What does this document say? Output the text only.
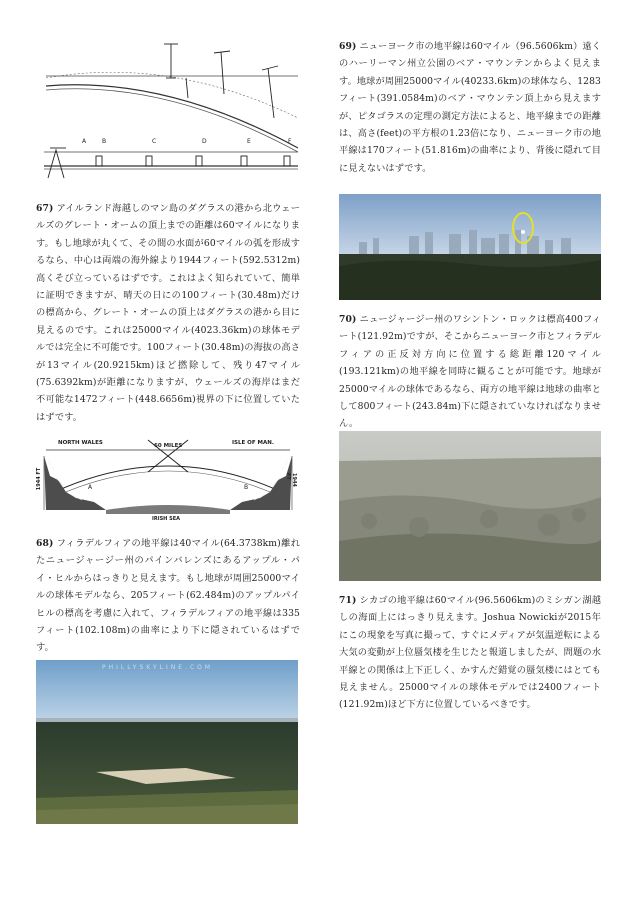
A	B	C	D	E	F
67) アイルランド海越しのマン島のダグラスの港から北ウェールズのグレート・オームの頂上までの距離は60マイルになります。もし地球が丸くて、その間の水面が60マイルの弧を形成するなら、中心は両端の海外線より1944フィート(592.5312m)高くそび立っているはずです。これはよく知られていて、簡単に証明できますが、晴天の日にの100フィート(30.48m)だけの標高から、グレート・オームの頂上はダグラスの港から目に見えるのです。これは25000マイル(4023.36km)の球体モデルでは完全に不可能です。100フィート(30.48m)の海抜の高さが13マイル(20.9215km)ほど撚除して、残り47マイル(75.6392km)が距離になりますが、ウェールズの海岸はまだ不可能な1472フィート(448.6656m)視界の下に位置していたはずです。
NORTH WALES	60 MILES	ISLE OF MAN.
1944 FT	1944 FT
A	B
IRISH SEA
68) フィラデルフィアの地平線は40マイル(64.3738km)離れたニュージャージー州のパインバレンズにあるアップル・パイ・ヒルからはっきりと見えます。もし地球が周囲25000マイルの球体モデルなら、205フィート(62.484m)のアップルパイヒルの標高を考慮に入れて、フィラデルフィアの地平線は335フィート(102.108m)の曲率により下に隠されているはずです。
PHILLYSKYLINE.COM
69) ニューヨーク市の地平線は60マイル（96.5606km）遠くのハーリーマン州立公園のベア・マウンテンからよく見えます。地球が周囲25000マイル(40233.6km)の球体なら、1283フィート(391.0584m)のベア・マウンテン頂上から見えますが、ピタゴラスの定理の測定方法によると、地平線までの距離は、高さ(feet)の平方根の1.23倍になり、ニューヨーク市の地平線は170フィート(51.816m)の曲率により、背後に隠れて目に見えないはずです。
70) ニュージャージー州のワシントン・ロックは標高400フィート(121.92m)ですが、そこからニューヨーク市とフィラデルフィアの正反対方向に位置する総距離120マイル(193.121km)の地平線を同時に観ることが可能です。地球が25000マイルの球体であるなら、両方の地平線は地球の曲率として800フィート(243.84m)下に隠されていなければなりません。
71) シカゴの地平線は60マイル(96.5606km)のミシガン湖越しの海面上にはっきり見えます。Joshua Nowickiが2015年にこの現象を写真に撮って、すぐにメディアが気温逆転による大気の変動が上位蜃気楼を生じたと報道しましたが、問題の水平線との関係は上下正しく、かすんだ錯覚の蜃気楼にはとても見えません。25000マイルの球体モデルでは2400フィート(121.92m)ほど下方に位置しているべきです。
